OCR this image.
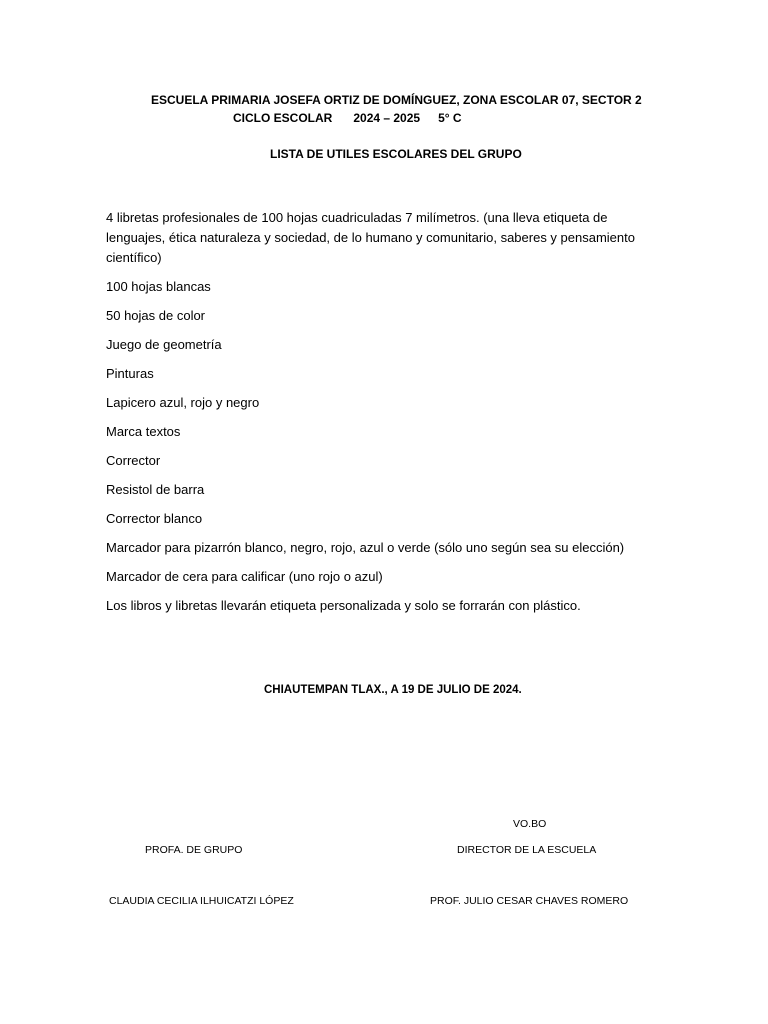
ESCUELA PRIMARIA JOSEFA ORTIZ DE DOMÍNGUEZ, ZONA ESCOLAR 07, SECTOR 2
CICLO ESCOLAR 2024 – 2025 5° C
LISTA DE UTILES ESCOLARES DEL GRUPO
4 libretas profesionales de 100 hojas cuadriculadas 7 milímetros. (una lleva etiqueta de lenguajes, ética naturaleza y sociedad, de lo humano y comunitario, saberes y pensamiento científico)
100 hojas blancas
50 hojas de color
Juego de geometría
Pinturas
Lapicero azul, rojo y negro
Marca textos
Corrector
Resistol de barra
Corrector blanco
Marcador para pizarrón blanco, negro, rojo, azul o verde (sólo uno según sea su elección)
Marcador de cera para calificar (uno rojo o azul)
Los libros y libretas llevarán etiqueta personalizada y solo se forrarán con plástico.
CHIAUTEMPAN TLAX., A 19 DE JULIO DE 2024.
VO.BO
PROFA. DE GRUPO	DIRECTOR DE LA ESCUELA
CLAUDIA CECILIA ILHUICATZI LÓPEZ	PROF. JULIO CESAR CHAVES ROMERO
